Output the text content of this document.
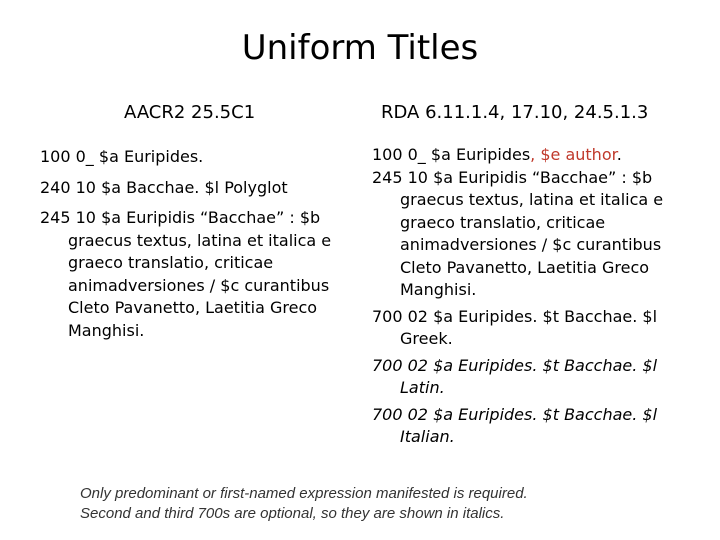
Uniform Titles
AACR2 25.5C1	RDA 6.11.1.4, 17.10, 24.5.1.3
100 0_ $a Euripides.
240 10 $a Bacchae. $l Polyglot
245 10 $a Euripidis “Bacchae” : $b graecus textus, latina et italica e graeco translatio, criticae animadversiones / $c curantibus Cleto Pavanetto, Laetitia Greco Manghisi.
100 0_ $a Euripides, $e author.
245 10 $a Euripidis “Bacchae” : $b graecus textus, latina et italica e graeco translatio, criticae animadversiones / $c curantibus Cleto Pavanetto, Laetitia Greco Manghisi.
700 02 $a Euripides. $t Bacchae. $l Greek.
700 02 $a Euripides. $t Bacchae. $l Latin.
700 02 $a Euripides. $t Bacchae. $l Italian.
Only predominant or first-named expression manifested is required.
Second and third 700s are optional, so they are shown in italics.
